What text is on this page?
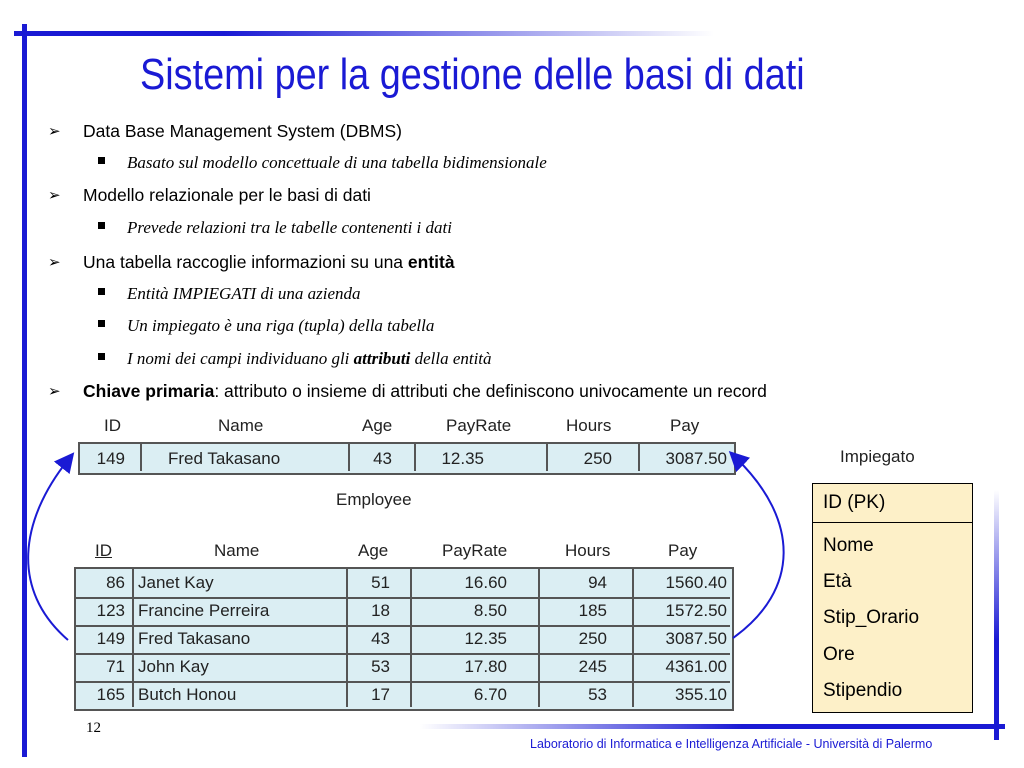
Sistemi per la gestione delle basi di dati
➢ Data Base Management System (DBMS)
Basato sul modello concettuale di una tabella bidimensionale
➢ Modello relazionale per le basi di dati
Prevede relazioni tra le tabelle contenenti i dati
➢ Una tabella raccoglie informazioni su una entità
Entità IMPIEGATI di una azienda
Un impiegato è una riga (tupla) della tabella
I nomi dei campi individuano gli attributi della entità
➢ Chiave primaria: attributo o insieme di attributi che definiscono univocamente un record
ID	Name	Age	PayRate	Hours	Pay
149	Fred Takasano	43	12.35	250	3087.50
Employee
ID	Name	Age	PayRate	Hours	Pay
86 Janet Kay	51	16.60	94	1560.40
123 Francine Perreira	18	8.50	185	1572.50
149 Fred Takasano	43	12.35	250	3087.50
71 John Kay	53	17.80	245	4361.00
165 Butch Honou	17	6.70	53	355.10
Impiegato
ID (PK)
Nome
Età
Stip_Orario
Ore
Stipendio
12
Laboratorio di Informatica e Intelligenza Artificiale - Università di Palermo
